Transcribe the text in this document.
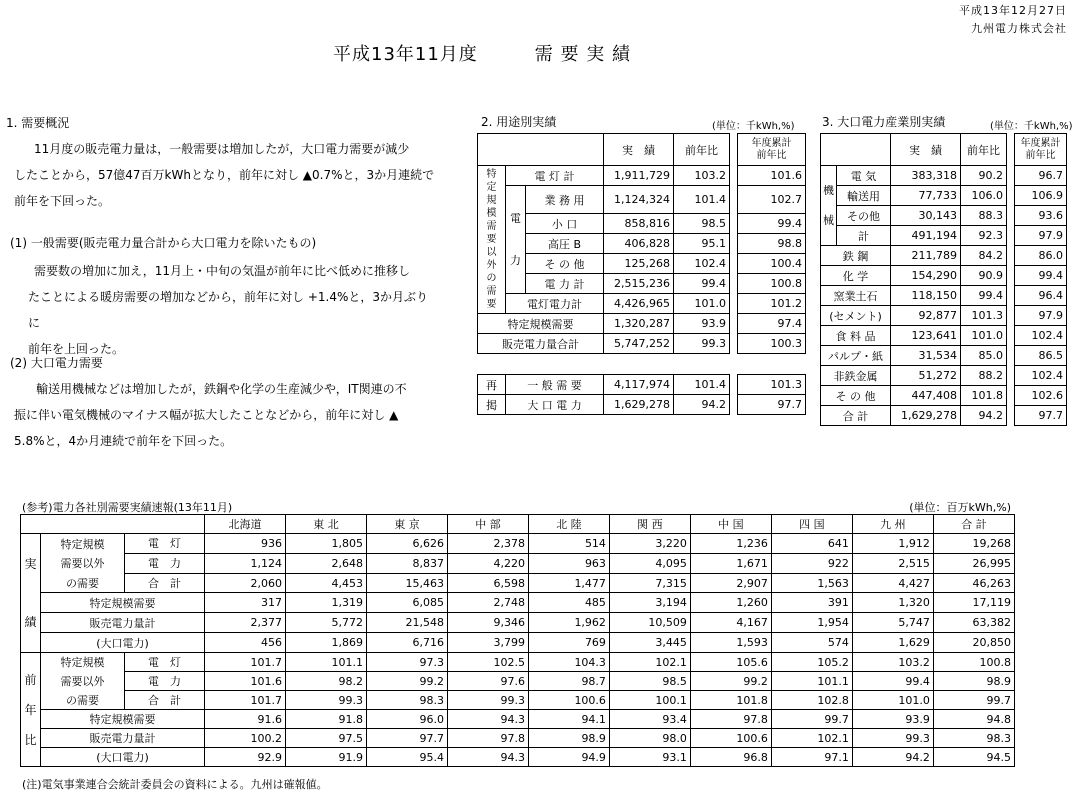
平成13年12月27日
九州電力株式会社
平成13年11月度　　　需 要 実 績
1. 需要概況
11月度の販売電力量は，一般需要は増加したが，大口電力需要が減少
したことから，57億47百万kWhとなり，前年に対し ▲0.7%と，3か月連続で
前年を下回った。
(1) 一般需要(販売電力量合計から大口電力を除いたもの)
需要数の増加に加え，11月上・中旬の気温が前年に比べ低めに推移し
たことによる暖房需要の増加などから，前年に対し +1.4%と，3か月ぶりに
前年を上回った。
(2) 大口電力需要
輸送用機械などは増加したが，鉄鋼や化学の生産減少や，IT関連の不
振に伴い電気機械のマイナス幅が拡大したことなどから，前年に対し ▲
5.8%と，4か月連続で前年を下回った。
2. 用途別実績	(単位：千kWh,%)
			実　績	前年比		年度累計
前年比
特定規模需要以外の需要	電 灯 計		1,911,729	103.2		101.6
	電
力	業 務 用	1,124,324	101.4		102.7
		小 口	858,816	98.5		99.4
		高圧 B	406,828	95.1		98.8
		そ の 他	125,268	102.4		100.4
		電 力 計	2,515,236	99.4		100.8
	電灯電力計		4,426,965	101.0		101.2
特定規模需要			1,320,287	93.9		97.4
販売電力量合計			5,747,252	99.3		100.3
再	一 般 需 要	4,117,974	101.4		101.3
掲	大 口 電 力	1,629,278	94.2		97.7
3. 大口電力産業別実績	(単位：千kWh,%)
		実　績	前年比		年度累計
前年比
機
械	電 気	383,318	90.2		96.7
	輸送用	77,733	106.0		106.9
	その他	30,143	88.3		93.6
	計	491,194	92.3		97.9
鉄 鋼		211,789	84.2		86.0
化 学		154,290	90.9		99.4
窯業土石		118,150	99.4		96.4
(セメント)		92,877	101.3		97.9
食 料 品		123,641	101.0		102.4
パルプ・紙		31,534	85.0		86.5
非鉄金属		51,272	88.2		102.4
そ の 他		447,408	101.8		102.6
合 計		1,629,278	94.2		97.7
(参考)電力各社別需要実績速報(13年11月)	(単位：百万kWh,%)
			北海道	東 北	東 京	中 部	北 陸	関 西	中 国	四 国	九 州	合 計

実
績	特定規模	電　灯	936	1,805	6,626	2,378	514	3,220	1,236	641	1,912	19,268
	需要以外	電　力	1,124	2,648	8,837	4,220	963	4,095	1,671	922	2,515	26,995
	の需要	合　計	2,060	4,453	15,463	6,598	1,477	7,315	2,907	1,563	4,427	46,263
	特定規模需要		317	1,319	6,085	2,748	485	3,194	1,260	391	1,320	17,119
	販売電力量計		2,377	5,772	21,548	9,346	1,962	10,509	4,167	1,954	5,747	63,382
	(大口電力)		456	1,869	6,716	3,799	769	3,445	1,593	574	1,629	20,850

前
年
比	特定規模	電　灯	101.7	101.1	97.3	102.5	104.3	102.1	105.6	105.2	103.2	100.8
	需要以外	電　力	101.6	98.2	99.2	97.6	98.7	98.5	99.2	101.1	99.4	98.9
	の需要	合　計	101.7	99.3	98.3	99.3	100.6	100.1	101.8	102.8	101.0	99.7
	特定規模需要		91.6	91.8	96.0	94.3	94.1	93.4	97.8	99.7	93.9	94.8
	販売電力量計		100.2	97.5	97.7	97.8	98.9	98.0	100.6	102.1	99.3	98.3
	(大口電力)		92.9	91.9	95.4	94.3	94.9	93.1	96.8	97.1	94.2	94.5
(注)電気事業連合会統計委員会の資料による。九州は確報値。
